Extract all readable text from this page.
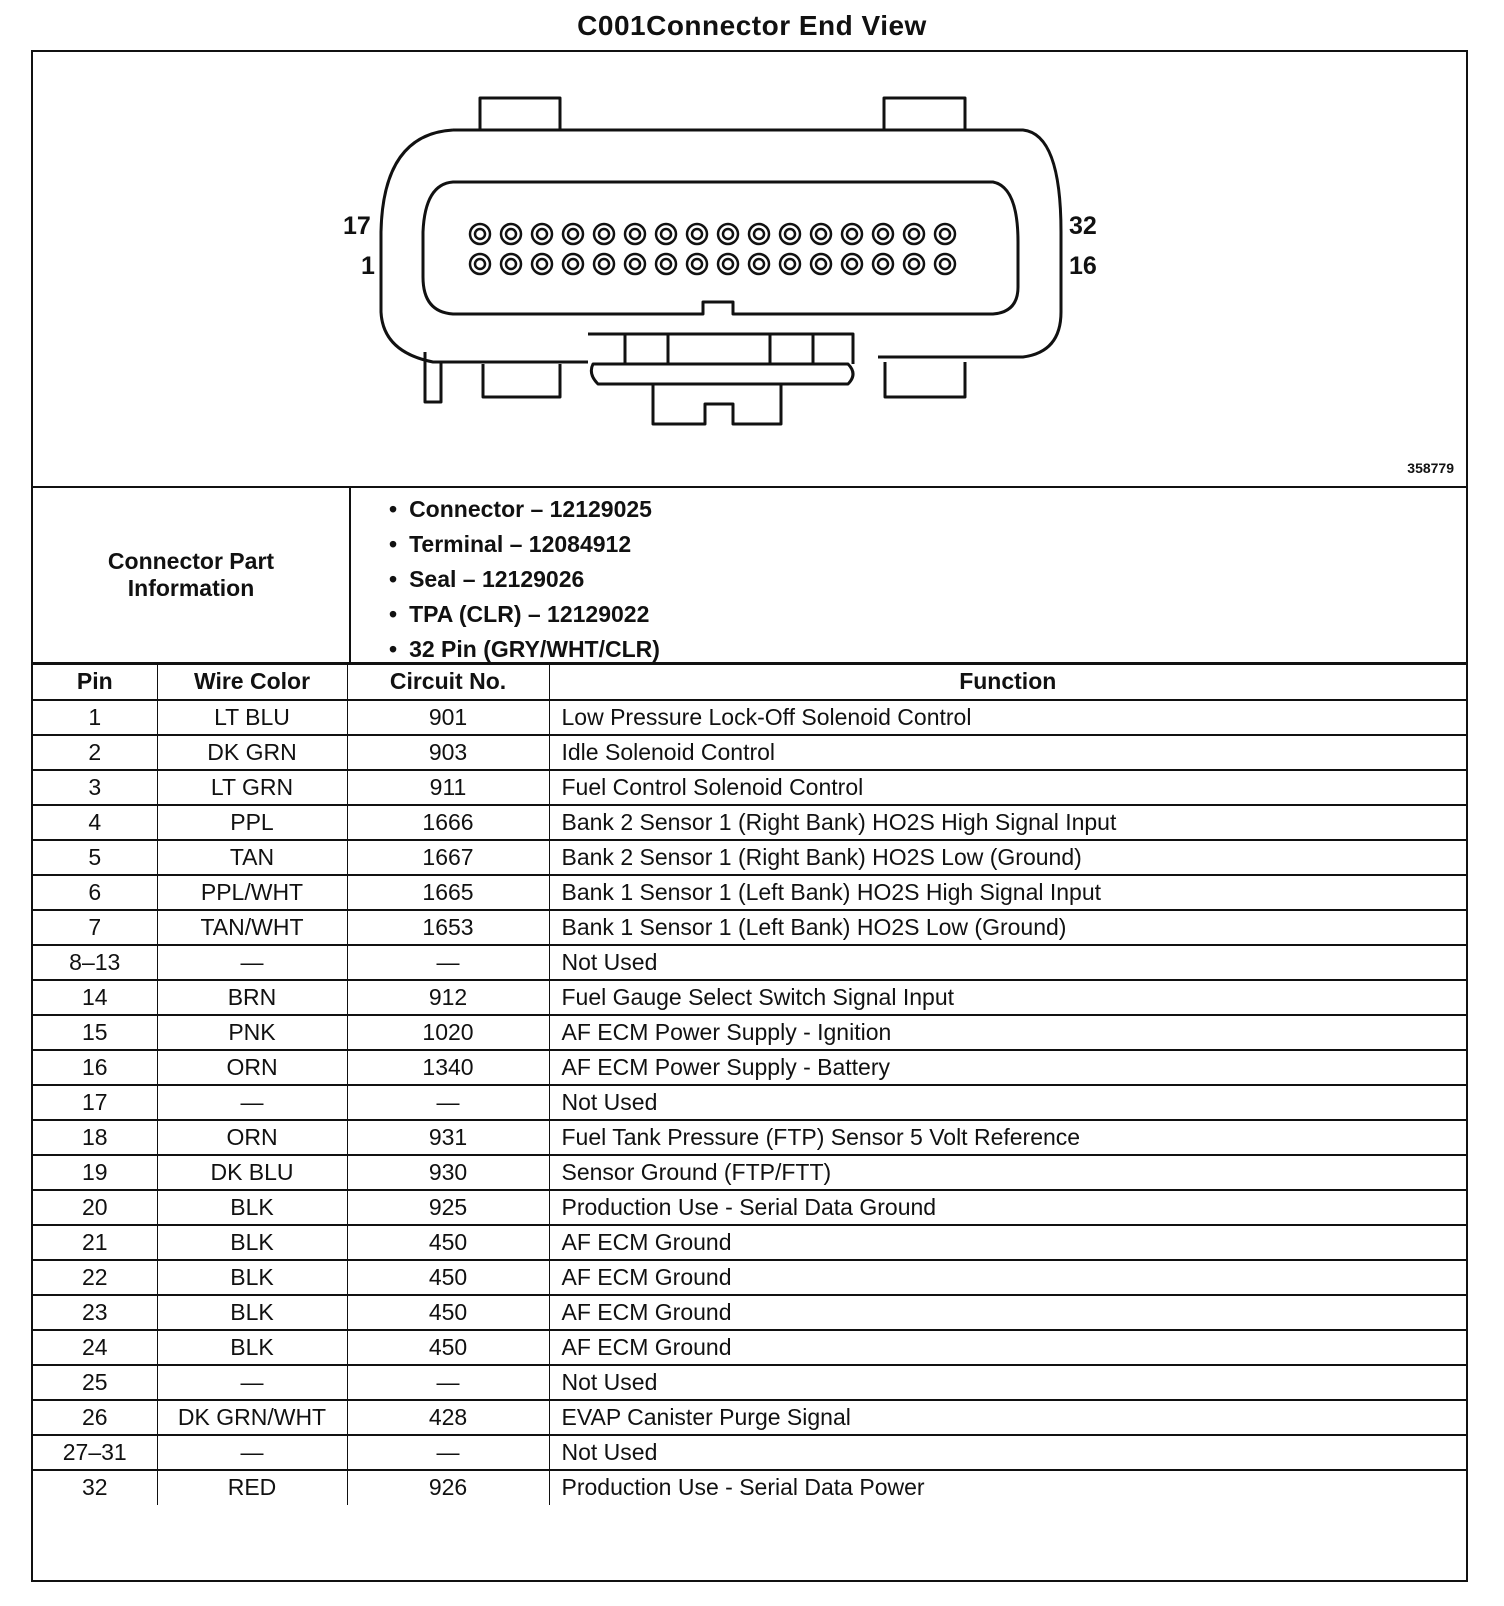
C001Connector End View
17
1
32
16
358779
Connector Part Information
• Connector – 12129025
• Terminal – 12084912
• Seal – 12129026
• TPA (CLR) – 12129022
• 32 Pin (GRY/WHT/CLR)
Pin	Wire Color	Circuit No.	Function
1	LT BLU	901	Low Pressure Lock-Off Solenoid Control
2	DK GRN	903	Idle Solenoid Control
3	LT GRN	911	Fuel Control Solenoid Control
4	PPL	1666	Bank 2 Sensor 1 (Right Bank) HO2S High Signal Input
5	TAN	1667	Bank 2 Sensor 1 (Right Bank) HO2S Low (Ground)
6	PPL/WHT	1665	Bank 1 Sensor 1 (Left Bank) HO2S High Signal Input
7	TAN/WHT	1653	Bank 1 Sensor 1 (Left Bank) HO2S Low (Ground)
8–13	—	—	Not Used
14	BRN	912	Fuel Gauge Select Switch Signal Input
15	PNK	1020	AF ECM Power Supply - Ignition
16	ORN	1340	AF ECM Power Supply - Battery
17	—	—	Not Used
18	ORN	931	Fuel Tank Pressure (FTP) Sensor 5 Volt Reference
19	DK BLU	930	Sensor Ground (FTP/FTT)
20	BLK	925	Production Use - Serial Data Ground
21	BLK	450	AF ECM Ground
22	BLK	450	AF ECM Ground
23	BLK	450	AF ECM Ground
24	BLK	450	AF ECM Ground
25	—	—	Not Used
26	DK GRN/WHT	428	EVAP Canister Purge Signal
27–31	—	—	Not Used
32	RED	926	Production Use - Serial Data Power
